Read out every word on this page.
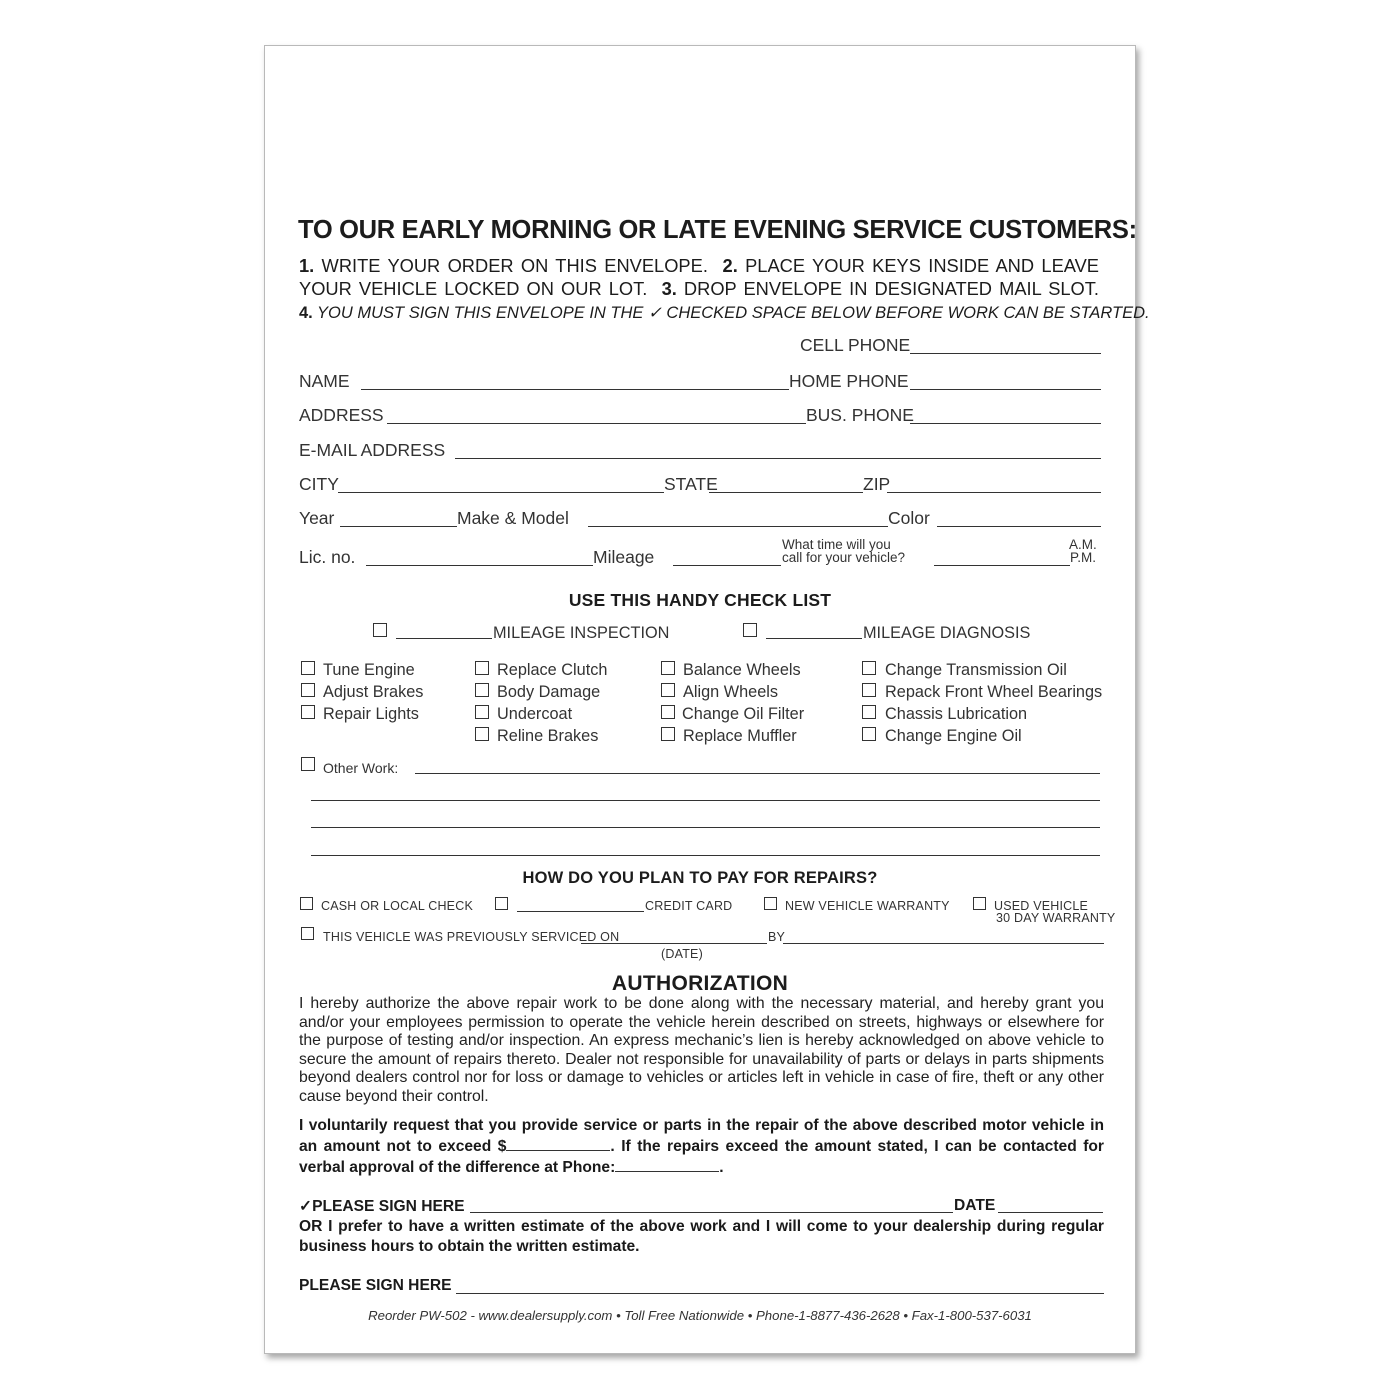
TO OUR EARLY MORNING OR LATE EVENING SERVICE CUSTOMERS:
1. WRITE YOUR ORDER ON THIS ENVELOPE. 2. PLACE YOUR KEYS INSIDE AND LEAVE
YOUR VEHICLE LOCKED ON OUR LOT. 3. DROP ENVELOPE IN DESIGNATED MAIL SLOT.
4. YOU MUST SIGN THIS ENVELOPE IN THE ✓ CHECKED SPACE BELOW BEFORE WORK CAN BE STARTED.
CELL PHONE
NAME	HOME PHONE
ADDRESS	BUS. PHONE
E-MAIL ADDRESS
CITY	STATE	ZIP
Year	Make & Model	Color
Lic. no.	Mileage
What time will you
call for your vehicle?
A.M.
P.M.
USE THIS HANDY CHECK LIST
MILEAGE INSPECTION	MILEAGE DIAGNOSIS
Tune Engine
Adjust Brakes
Repair Lights
Replace Clutch
Body Damage
Undercoat
Reline Brakes
Balance Wheels
Align Wheels
Change Oil Filter
Replace Muffler
Change Transmission Oil
Repack Front Wheel Bearings
Chassis Lubrication
Change Engine Oil
Other Work:
HOW DO YOU PLAN TO PAY FOR REPAIRS?
CASH OR LOCAL CHECK	CREDIT CARD	NEW VEHICLE WARRANTY	USED VEHICLE
30 DAY WARRANTY
THIS VEHICLE WAS PREVIOUSLY SERVICED ON	BY
(DATE)
AUTHORIZATION
I hereby authorize the above repair work to be done along with the necessary material, and hereby grant you and/or your employees permission to operate the vehicle herein described on streets, highways or elsewhere for the purpose of testing and/or inspection. An express mechanic’s lien is hereby acknowledged on above vehicle to secure the amount of repairs thereto. Dealer not responsible for unavailability of parts or delays in parts shipments beyond dealers control nor for loss or damage to vehicles or articles left in vehicle in case of fire, theft or any other cause beyond their control.
I voluntarily request that you provide service or parts in the repair of the above described motor vehicle in an amount not to exceed $	. If the repairs exceed the amount stated, I can be contacted for verbal approval of the difference at Phone:	.
✓PLEASE SIGN HERE	DATE
OR I prefer to have a written estimate of the above work and I will come to your dealership during regular business hours to obtain the written estimate.
PLEASE SIGN HERE
Reorder PW-502 - www.dealersupply.com • Toll Free Nationwide • Phone-1-8877-436-2628 • Fax-1-800-537-6031
